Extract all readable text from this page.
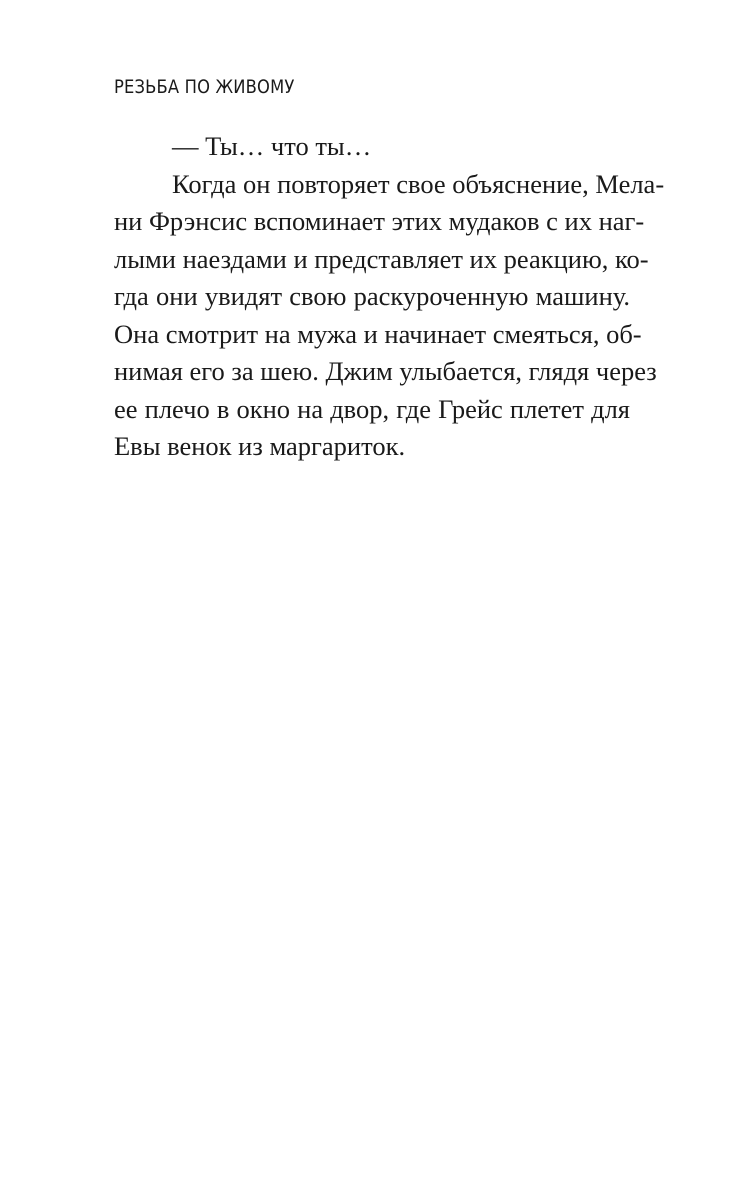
РЕЗЬБА ПО ЖИВОМУ
— Ты… что ты…
Когда он повторяет свое объяснение, Мела-
ни Фрэнсис вспоминает этих мудаков с их наг-
лыми наездами и представляет их реакцию, ко-
гда они увидят свою раскуроченную машину.
Она смотрит на мужа и начинает смеяться, об-
нимая его за шею. Джим улыбается, глядя через
ее плечо в окно на двор, где Грейс плетет для
Евы венок из маргариток.
